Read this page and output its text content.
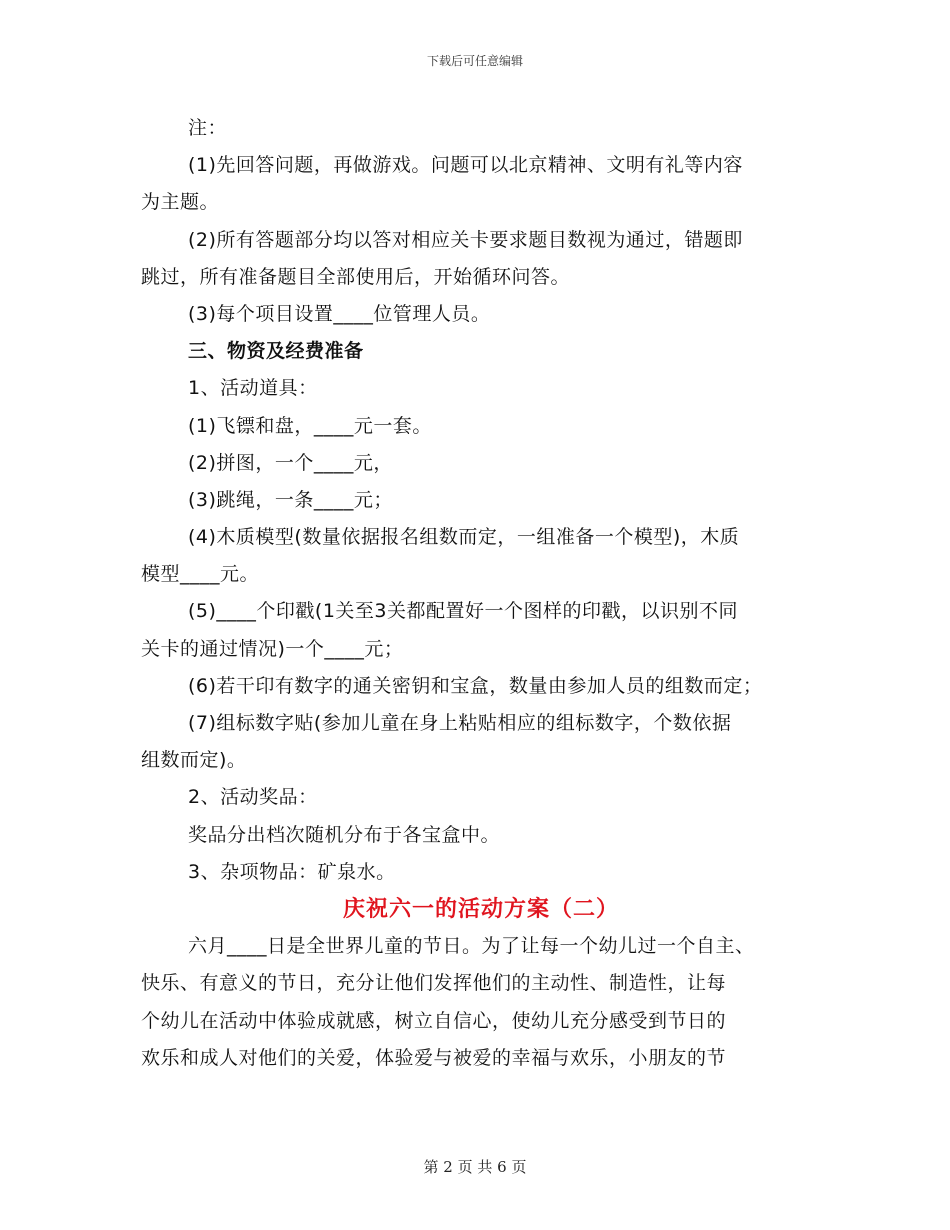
下载后可任意编辑
注：
(1)先回答问题，再做游戏。问题可以北京精神、文明有礼等内容
为主题。
(2)所有答题部分均以答对相应关卡要求题目数视为通过，错题即
跳过，所有准备题目全部使用后，开始循环问答。
(3)每个项目设置____位管理人员。
三、物资及经费准备
1、活动道具：
(1)飞镖和盘，____元一套。
(2)拼图，一个____元，
(3)跳绳，一条____元；
(4)木质模型(数量依据报名组数而定，一组准备一个模型)，木质
模型____元。
(5)____个印戳(1关至3关都配置好一个图样的印戳，以识别不同
关卡的通过情况)一个____元；
(6)若干印有数字的通关密钥和宝盒，数量由参加人员的组数而定；
(7)组标数字贴(参加儿童在身上粘贴相应的组标数字，个数依据
组数而定)。
2、活动奖品：
奖品分出档次随机分布于各宝盒中。
3、杂项物品：矿泉水。
庆祝六一的活动方案（二）
六月____日是全世界儿童的节日。为了让每一个幼儿过一个自主、
快乐、有意义的节日，充分让他们发挥他们的主动性、制造性，让每
个幼儿在活动中体验成就感，树立自信心，使幼儿充分感受到节日的
欢乐和成人对他们的关爱，体验爱与被爱的幸福与欢乐，小朋友的节
第 2 页 共 6 页
